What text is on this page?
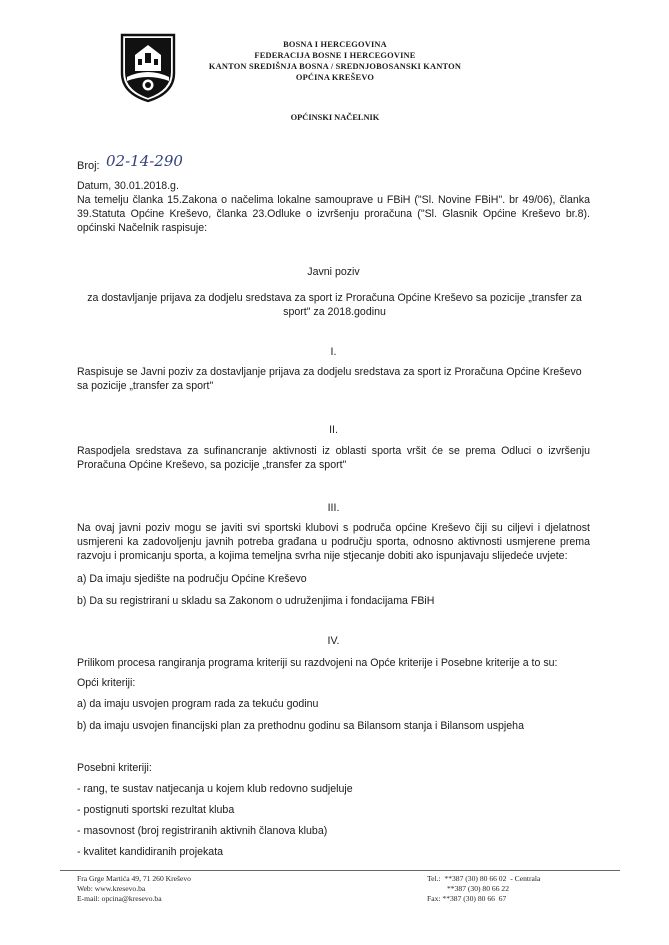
BOSNA I HERCEGOVINA
FEDERACIJA BOSNE I HERCEGOVINE
KANTON SREDIŠNJA BOSNA / SREDNJOBOSANSKI KANTON
OPĆINA KREŠEVO
OPĆINSKI NAČELNIK
Broj: 02-14-290
Datum, 30.01.2018.g.
Na temelju članka 15.Zakona o načelima lokalne samouprave u FBiH ("Sl. Novine FBiH". br 49/06), članka 39.Statuta Općine Kreševo, članka 23.Odluke o izvršenju proračuna ("Sl. Glasnik Općine Kreševo br.8). općinski Načelnik raspisuje:
Javni poziv
za dostavljanje prijava za dodjelu sredstava za sport iz Proračuna Općine Kreševo sa pozicije „transfer za sport" za 2018.godinu
I.
Raspisuje se Javni poziv za dostavljanje prijava za dodjelu sredstava za sport iz Proračuna Općine Kreševo sa pozicije „transfer za sport"
II.
Raspodjela sredstava za sufinancranje aktivnosti iz oblasti sporta vršit će se prema Odluci o izvršenju Proračuna Općine Kreševo, sa pozicije „transfer za sport"
III.
Na ovaj javni poziv mogu se javiti svi sportski klubovi s područa općine Kreševo čiji su ciljevi i djelatnost usmjereni ka zadovoljenju javnih potreba građana u području sporta, odnosno aktivnosti usmjerene prema razvoju i promicanju sporta, a kojima temeljna svrha nije stjecanje dobiti ako ispunjavaju slijedeće uvjete:
a) Da imaju sjedište na području Općine Kreševo
b) Da su registrirani u skladu sa Zakonom o udruženjima i fondacijama FBiH
IV.
Prilikom procesa rangiranja programa kriteriji su razdvojeni na Opće kriterije i Posebne kriterije a to su:
Opći kriteriji:
a) da imaju usvojen program rada za tekuću godinu
b) da imaju usvojen financijski plan za prethodnu godinu sa Bilansom stanja i Bilansom uspjeha
Posebni kriteriji:
- rang, te sustav natjecanja u kojem klub redovno sudjeluje
- postignuti sportski rezultat kluba
- masovnost (broj registriranih aktivnih članova kluba)
- kvalitet kandidiranih projekata
Fra Grge Martića 49, 71 260 Kreševo
Web: www.kresevo.ba
E-mail: opcina@kresevo.ba
Tel.:  **387 (30) 80 66 02  - Centrala
**387 (30) 80 66 22
Fax: **387 (30) 80 66  67
